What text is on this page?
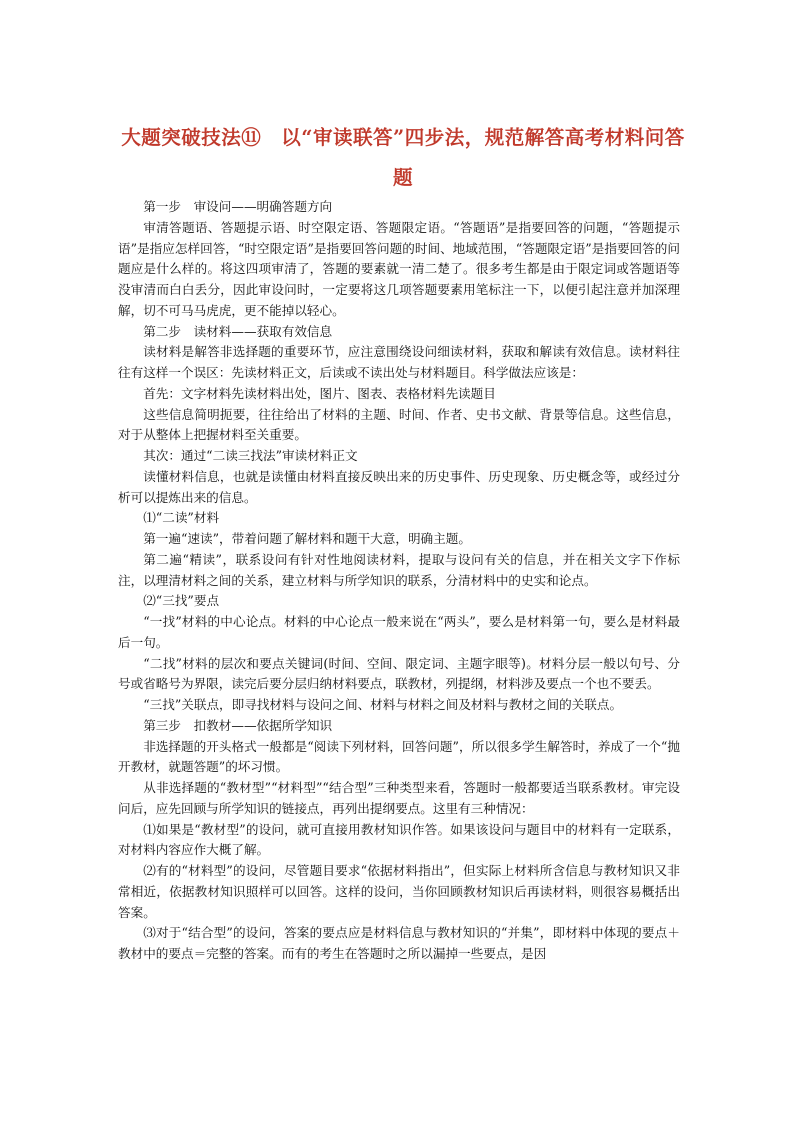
大题突破技法⑪　以“审读联答”四步法，规范解答高考材料问答
题

第一步　审设问——明确答题方向

审清答题语、答题提示语、时空限定语、答题限定语。“答题语”是指要回答的问题，“答题提示语”是指应怎样回答，“时空限定语”是指要回答问题的时间、地域范围，“答题限定语”是指要回答的问题应是什么样的。将这四项审清了，答题的要素就一清二楚了。很多考生都是由于限定词或答题语等没审清而白白丢分，因此审设问时，一定要将这几项答题要素用笔标注一下，以便引起注意并加深理解，切不可马马虎虎，更不能掉以轻心。

第二步　读材料——获取有效信息

读材料是解答非选择题的重要环节，应注意围绕设问细读材料，获取和解读有效信息。读材料往往有这样一个误区：先读材料正文，后读或不读出处与材料题目。科学做法应该是：

首先：文字材料先读材料出处，图片、图表、表格材料先读题目

这些信息简明扼要，往往给出了材料的主题、时间、作者、史书文献、背景等信息。这些信息，对于从整体上把握材料至关重要。

其次：通过“二读三找法”审读材料正文

读懂材料信息，也就是读懂由材料直接反映出来的历史事件、历史现象、历史概念等，或经过分析可以提炼出来的信息。

⑴“二读”材料

第一遍“速读”，带着问题了解材料和题干大意，明确主题。

第二遍“精读”，联系设问有针对性地阅读材料，提取与设问有关的信息，并在相关文字下作标注，以理清材料之间的关系，建立材料与所学知识的联系，分清材料中的史实和论点。

⑵“三找”要点

“一找”材料的中心论点。材料的中心论点一般来说在“两头”，要么是材料第一句，要么是材料最后一句。

“二找”材料的层次和要点关键词(时间、空间、限定词、主题字眼等)。材料分层一般以句号、分号或省略号为界限，读完后要分层归纳材料要点，联教材，列提纲，材料涉及要点一个也不要丢。

“三找”关联点，即寻找材料与设问之间、材料与材料之间及材料与教材之间的关联点。

第三步　扣教材——依据所学知识

非选择题的开头格式一般都是“阅读下列材料，回答问题”，所以很多学生解答时，养成了一个“抛开教材，就题答题”的坏习惯。

从非选择题的“教材型”“材料型”“结合型”三种类型来看，答题时一般都要适当联系教材。审完设问后，应先回顾与所学知识的链接点，再列出提纲要点。这里有三种情况：

⑴如果是“教材型”的设问，就可直接用教材知识作答。如果该设问与题目中的材料有一定联系，对材料内容应作大概了解。

⑵有的“材料型”的设问，尽管题目要求“依据材料指出”，但实际上材料所含信息与教材知识又非常相近，依据教材知识照样可以回答。这样的设问，当你回顾教材知识后再读材料，则很容易概括出答案。

⑶对于“结合型”的设问，答案的要点应是材料信息与教材知识的“并集”，即材料中体现的要点＋教材中的要点＝完整的答案。而有的考生在答题时之所以漏掉一些要点，是因
